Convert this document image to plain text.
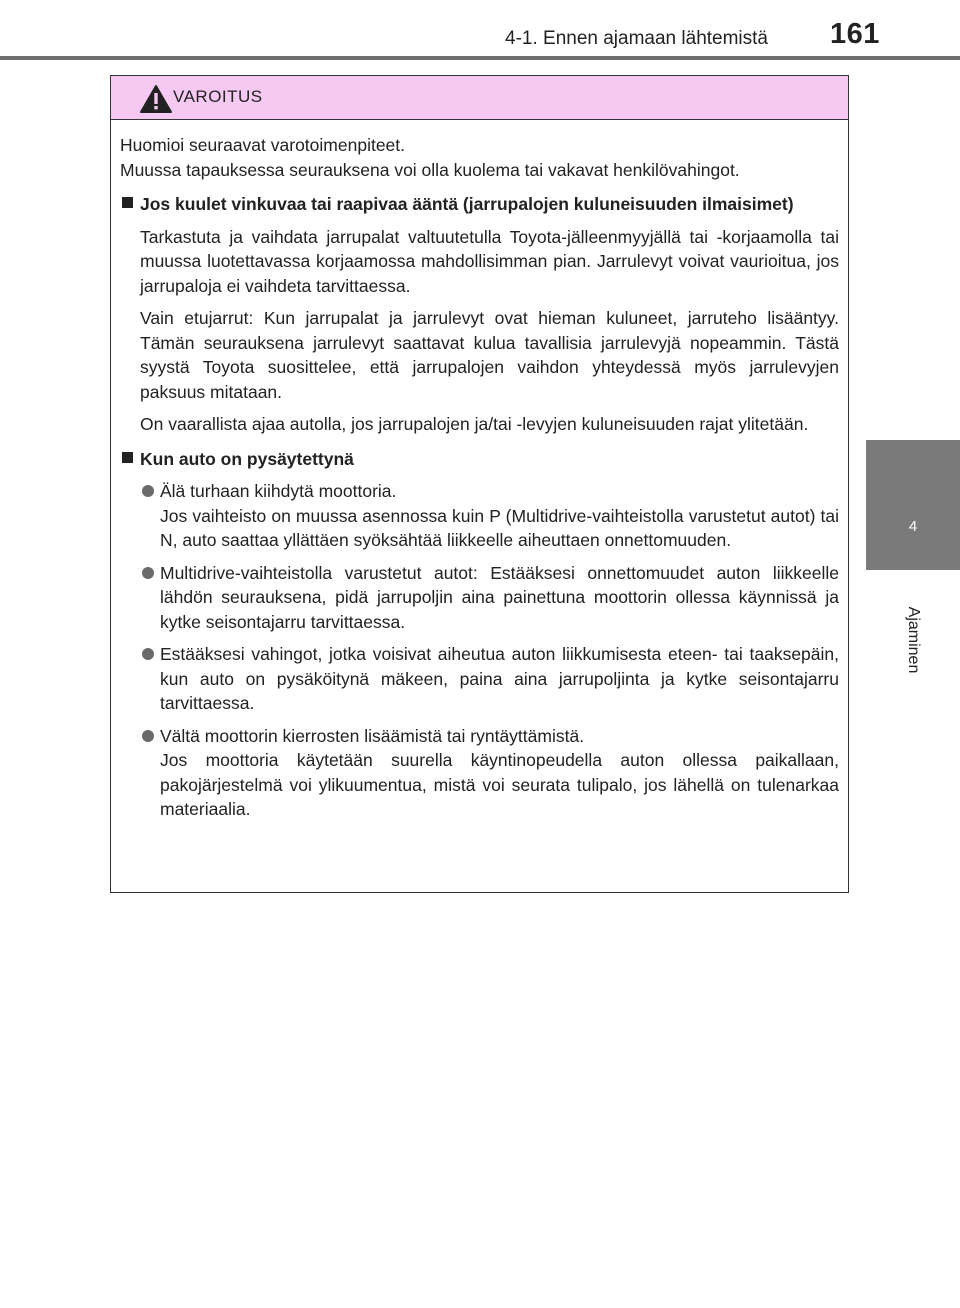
4-1. Ennen ajamaan lähtemistä 161
4
Ajaminen
VAROITUS

Huomioi seuraavat varotoimenpiteet.

Muussa tapauksessa seurauksena voi olla kuolema tai vakavat henkilövahingot.

Jos kuulet vinkuvaa tai raapivaa ääntä (jarrupalojen kuluneisuuden ilmaisimet)
Tarkastuta ja vaihdata jarrupalat valtuutetulla Toyota-jälleenmyyjällä tai -korjaamolla tai muussa luotettavassa korjaamossa mahdollisimman pian. Jarrulevyt voivat vaurioitua, jos jarrupaloja ei vaihdeta tarvittaessa.
Vain etujarrut: Kun jarrupalat ja jarrulevyt ovat hieman kuluneet, jarruteho lisääntyy. Tämän seurauksena jarrulevyt saattavat kulua tavallisia jarrulevyjä nopeammin. Tästä syystä Toyota suosittelee, että jarrupalojen vaihdon yhteydessä myös jarrulevyjen paksuus mitataan.
On vaarallista ajaa autolla, jos jarrupalojen ja/tai -levyjen kuluneisuuden rajat ylitetään.
Kun auto on pysäytettynä
Älä turhaan kiihdytä moottoria.
Jos vaihteisto on muussa asennossa kuin P (Multidrive-vaihteistolla varustetut autot) tai N, auto saattaa yllättäen syöksähtää liikkeelle aiheuttaen onnettomuuden.
Multidrive-vaihteistolla varustetut autot: Estääksesi onnettomuudet auton liikkeelle lähdön seurauksena, pidä jarrupoljin aina painettuna moottorin ollessa käynnissä ja kytke seisontajarru tarvittaessa.
Estääksesi vahingot, jotka voisivat aiheutua auton liikkumisesta eteen- tai taaksepäin, kun auto on pysäköitynä mäkeen, paina aina jarrupoljinta ja kytke seisontajarru tarvittaessa.
Vältä moottorin kierrosten lisäämistä tai ryntäyttämistä.
Jos moottoria käytetään suurella käyntinopeudella auton ollessa paikallaan, pakojärjestelmä voi ylikuumentua, mistä voi seurata tulipalo, jos lähellä on tulenarkaa materiaalia.
